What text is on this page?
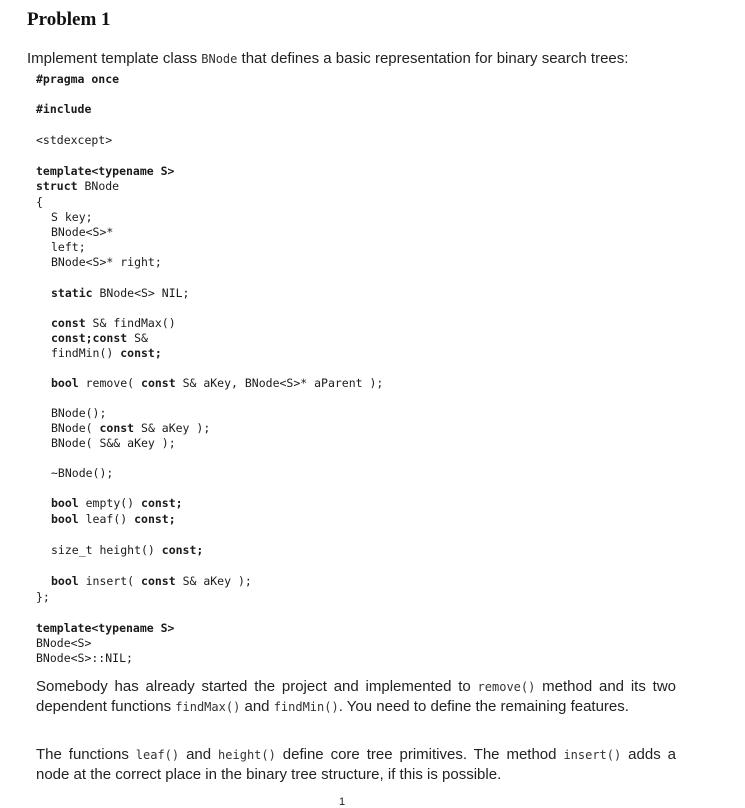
Problem 1
Implement template class BNode that defines a basic representation for binary search trees:
#pragma once
#include
<stdexcept>
template<typename S>
struct BNode
{
S key;
BNode<S>*
left;
BNode<S>* right;
static BNode<S> NIL;
const S& findMax()
const;const S&
findMin() const;
bool remove( const S& aKey, BNode<S>* aParent );
BNode();
BNode( const S& aKey );
BNode( S&& aKey );
~BNode();
bool empty() const;
bool leaf() const;
size_t height() const;
bool insert( const S& aKey );
};
template<typename S>
BNode<S>
BNode<S>::NIL;
Somebody has already started the project and implemented to remove() method and its two dependent functions findMax() and findMin(). You need to define the remaining features.
The functions leaf() and height() define core tree primitives. The method insert() adds a node at the correct place in the binary tree structure, if this is possible.
1
